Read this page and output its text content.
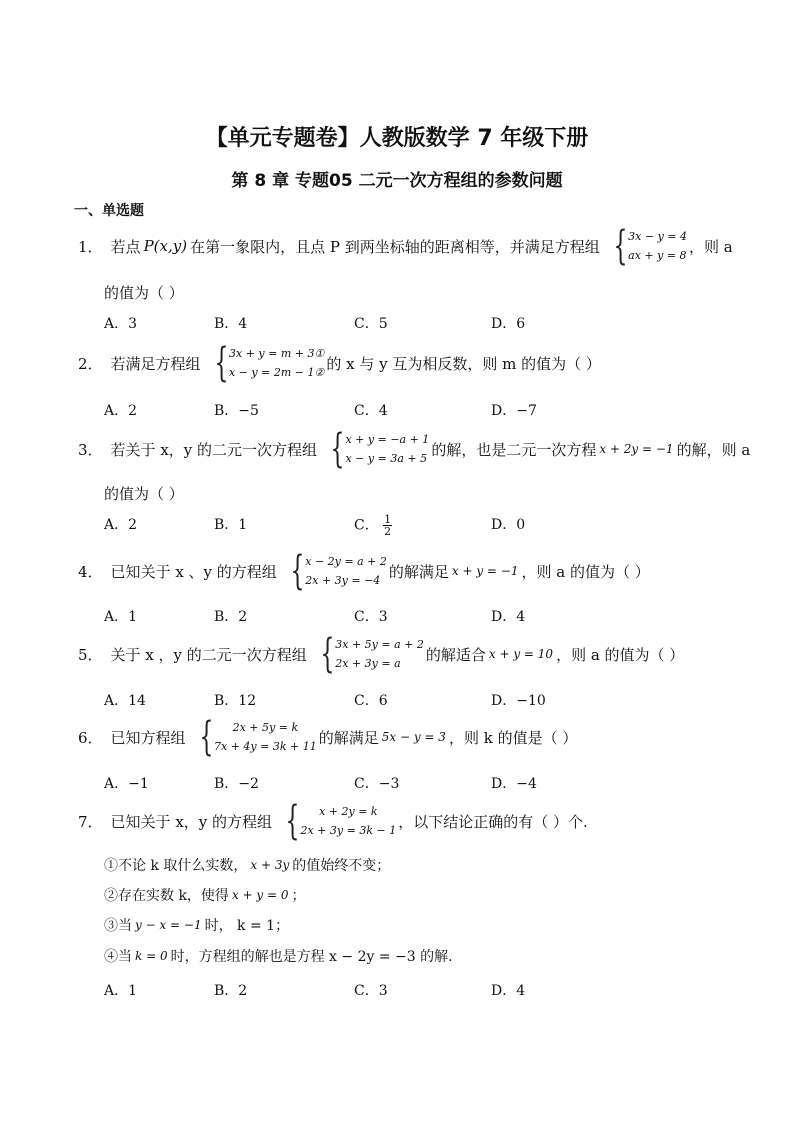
【单元专题卷】人教版数学 7 年级下册
第 8 章 专题05 二元一次方程组的参数问题
一、单选题
1． 若点 P(x,y) 在第一象限内，且点 P 到两坐标轴的距离相等，并满足方程组 { 3x − y = 4
ax + y = 8 ，则 a
的值为（ ）
A．3	B．4	C．5	D．6
2． 若满足方程组 { 3x + y = m + 3①
x − y = 2m − 1② 的 x 与 y 互为相反数，则 m 的值为（ ）
A．2	B．−5	C．4	D．−7
3． 若关于 x，y 的二元一次方程组 { x + y = −a + 1
x − y = 3a + 5 的解，也是二元一次方程 x + 2y = −1 的解，则 a
的值为（ ）
A．2	B．1	C． $\frac{1}{2}$	D．0
4． 已知关于 x 、y 的方程组 { x − 2y = a + 2
2x + 3y = −4 的解满足 x + y = −1 ，则 a 的值为（ ）
A．1	B．2	C．3	D．4
5． 关于 x ，y 的二元一次方程组 { 3x + 5y = a + 2
2x + 3y = a	的解适合 x + y = 10 ，则 a 的值为（ ）
A．14	B．12	C．6	D．−10
6． 已知方程组 {	2x + 5y = k
7x + 4y = 3k + 11 的解满足 5x − y = 3 ，则 k 的值是（ ）
A．−1	B．−2	C．−3	D．−4
7． 已知关于 x，y 的方程组 {	x + 2y = k
2x + 3y = 3k − 1 ，以下结论正确的有（ ）个.
①不论 k 取什么实数， x + 3y 的值始终不变；
②存在实数 k，使得 x + y = 0 ；
③当 y − x = −1 时， k = 1；
④当 k = 0 时，方程组的解也是方程 x − 2y = −3 的解.
A．1	B．2	C．3	D．4
